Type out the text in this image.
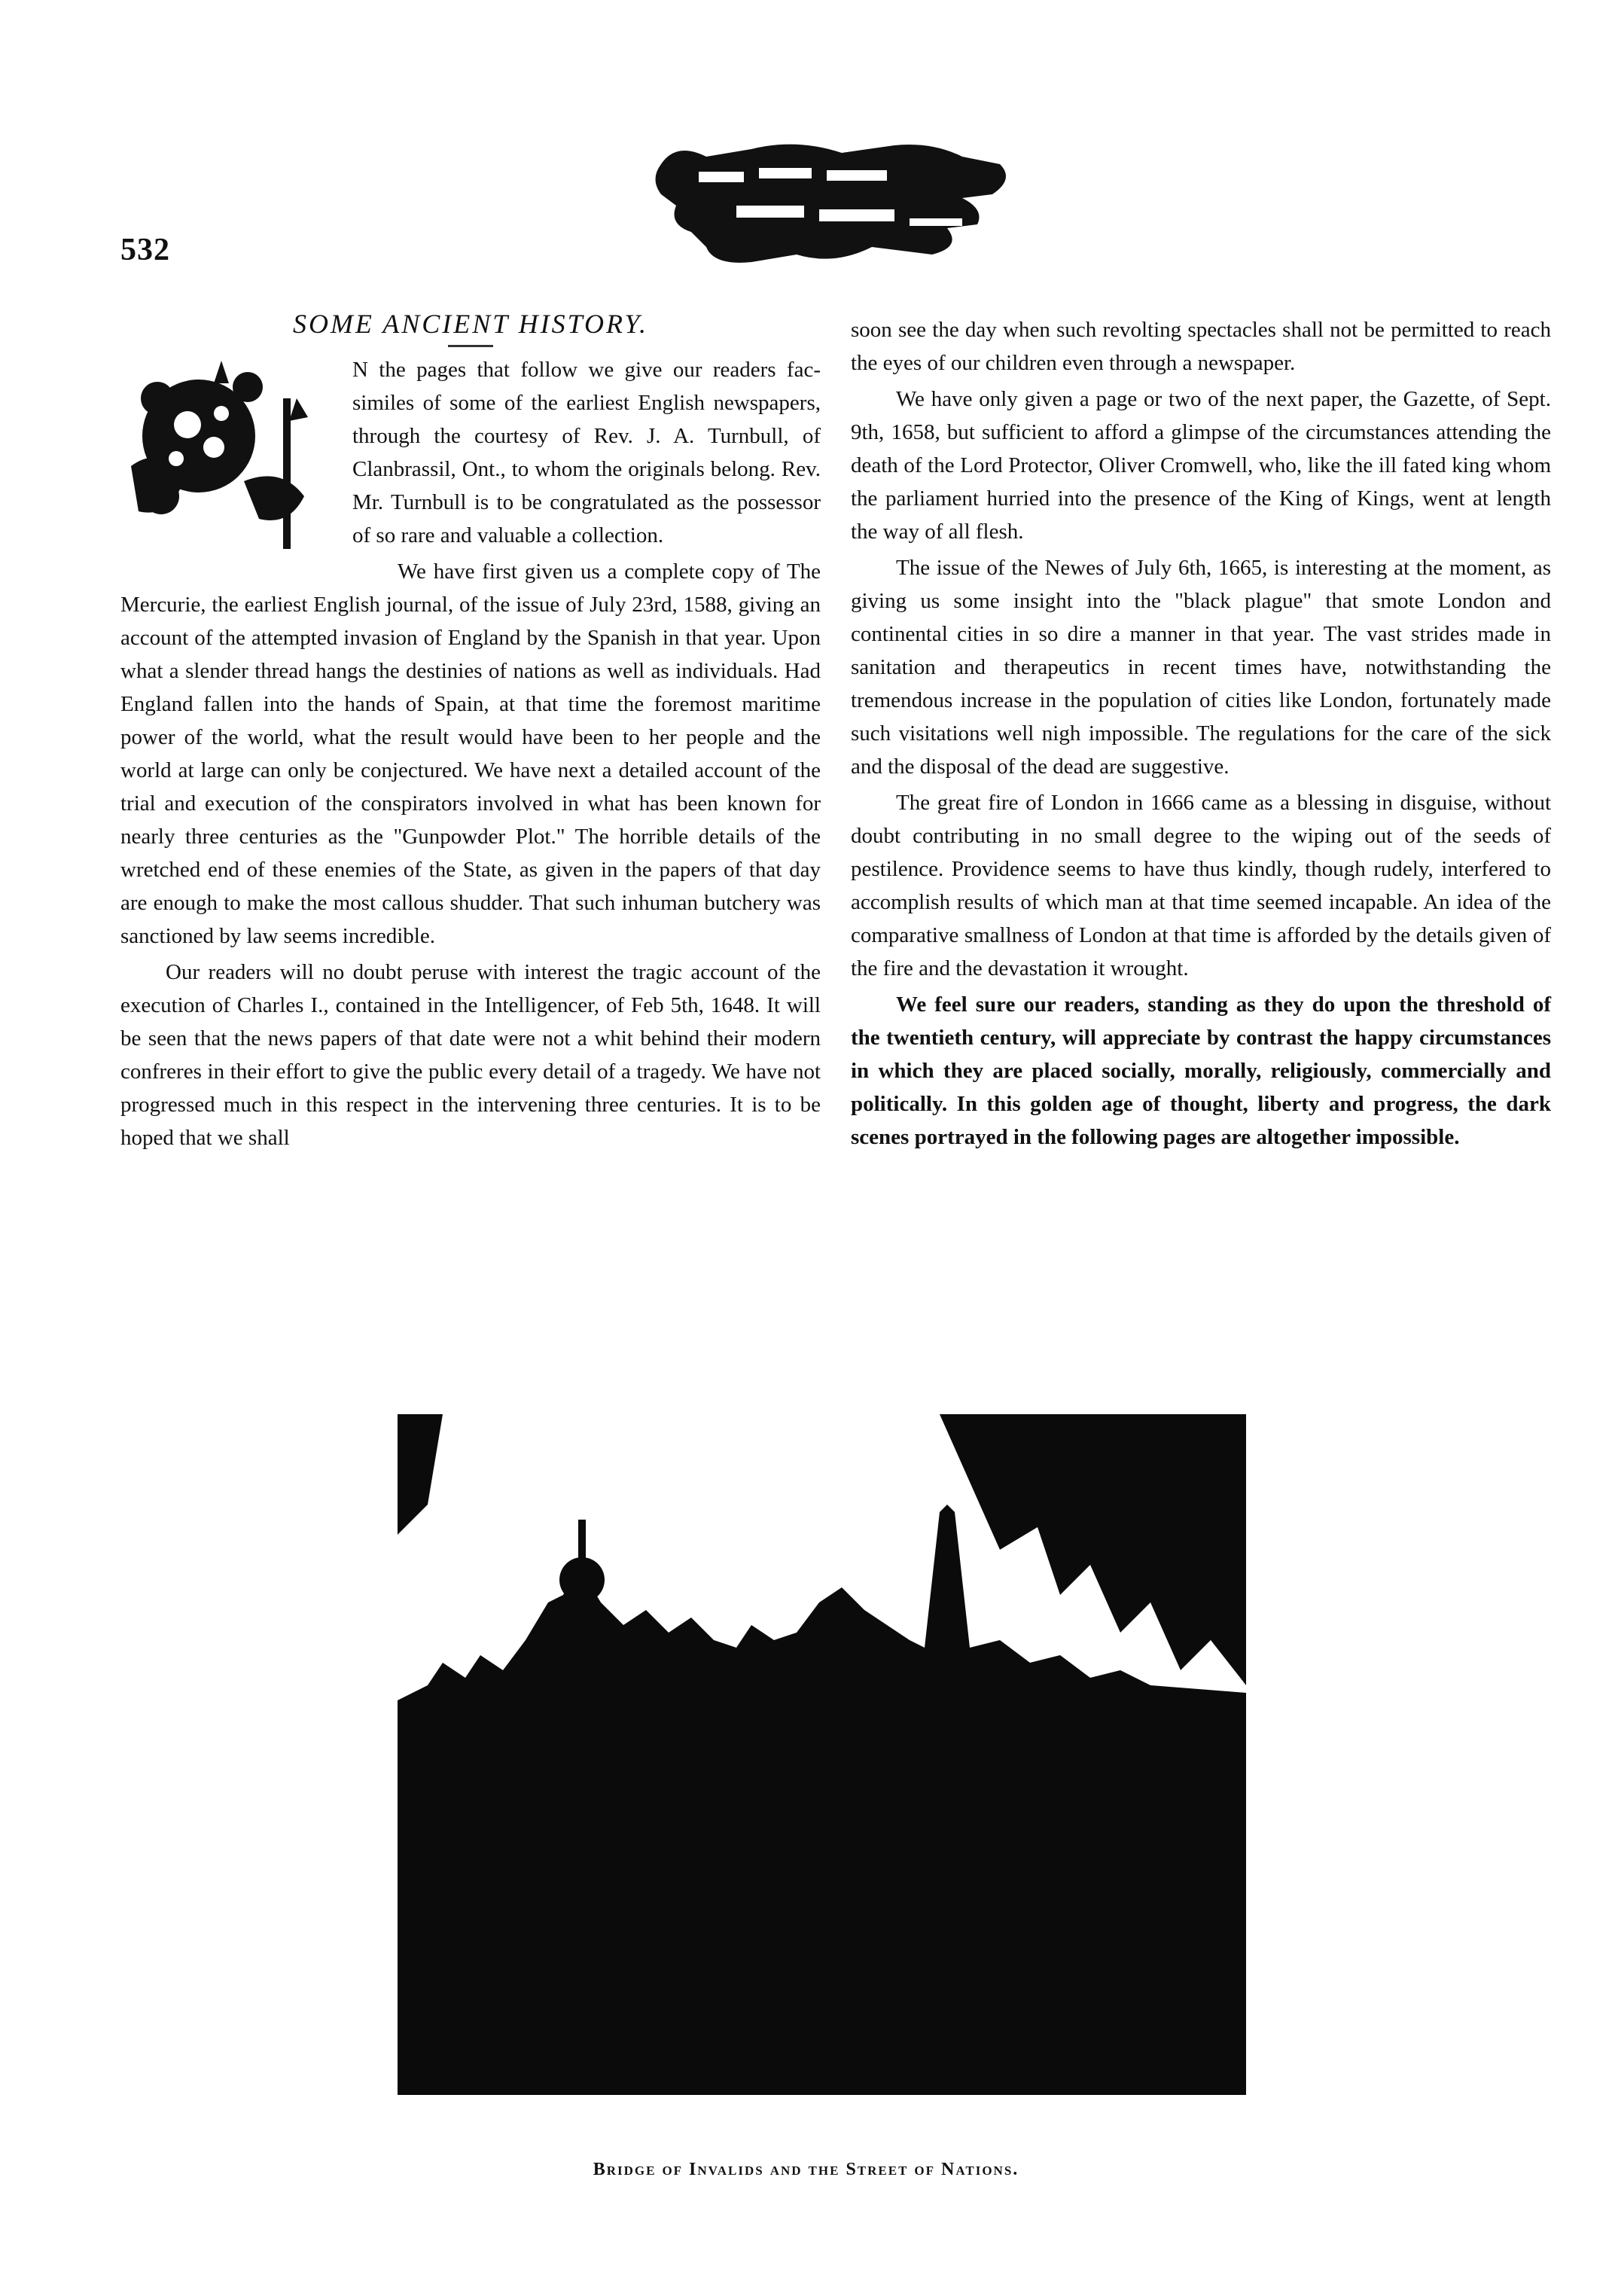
532
SOME ANCIENT HISTORY.

N the pages that follow we give our readers fac-similes of some of the earliest English newspapers, through the courtesy of Rev. J. A. Turnbull, of Clanbrassil, Ont., to whom the originals belong. Rev. Mr. Turnbull is to be congratulated as the possessor of so rare and valuable a collection.

We have first given us a complete copy of The Mercurie, the earliest English journal, of the issue of July 23rd, 1588, giving an account of the attempted invasion of England by the Spanish in that year. Upon what a slender thread hangs the destinies of nations as well as individuals. Had England fallen into the hands of Spain, at that time the foremost maritime power of the world, what the result would have been to her people and the world at large can only be conjectured. We have next a detailed account of the trial and execution of the conspirators involved in what has been known for nearly three centuries as the "Gunpowder Plot." The horrible details of the wretched end of these enemies of the State, as given in the papers of that day are enough to make the most callous shudder. That such inhuman butchery was sanctioned by law seems incredible.

Our readers will no doubt peruse with interest the tragic account of the execution of Charles I., contained in the Intelligencer, of Feb 5th, 1648. It will be seen that the news papers of that date were not a whit behind their modern confreres in their effort to give the public every detail of a tragedy. We have not progressed much in this respect in the intervening three centuries. It is to be hoped that we shall

soon see the day when such revolting spectacles shall not be permitted to reach the eyes of our children even through a newspaper.

We have only given a page or two of the next paper, the Gazette, of Sept. 9th, 1658, but sufficient to afford a glimpse of the circumstances attending the death of the Lord Protector, Oliver Cromwell, who, like the ill fated king whom the parliament hurried into the presence of the King of Kings, went at length the way of all flesh.

The issue of the Newes of July 6th, 1665, is interesting at the moment, as giving us some insight into the "black plague" that smote London and continental cities in so dire a manner in that year. The vast strides made in sanitation and therapeutics in recent times have, notwithstanding the tremendous increase in the population of cities like London, fortunately made such visitations well nigh impossible. The regulations for the care of the sick and the disposal of the dead are suggestive.

The great fire of London in 1666 came as a blessing in disguise, without doubt contributing in no small degree to the wiping out of the seeds of pestilence. Providence seems to have thus kindly, though rudely, interfered to accomplish results of which man at that time seemed incapable. An idea of the comparative smallness of London at that time is afforded by the details given of the fire and the devastation it wrought.

We feel sure our readers, standing as they do upon the threshold of the twentieth century, will appreciate by contrast the happy circumstances in which they are placed socially, morally, religiously, commercially and politically. In this golden age of thought, liberty and progress, the dark scenes portrayed in the following pages are altogether impossible.

Bridge of Invalids and the Street of Nations.
